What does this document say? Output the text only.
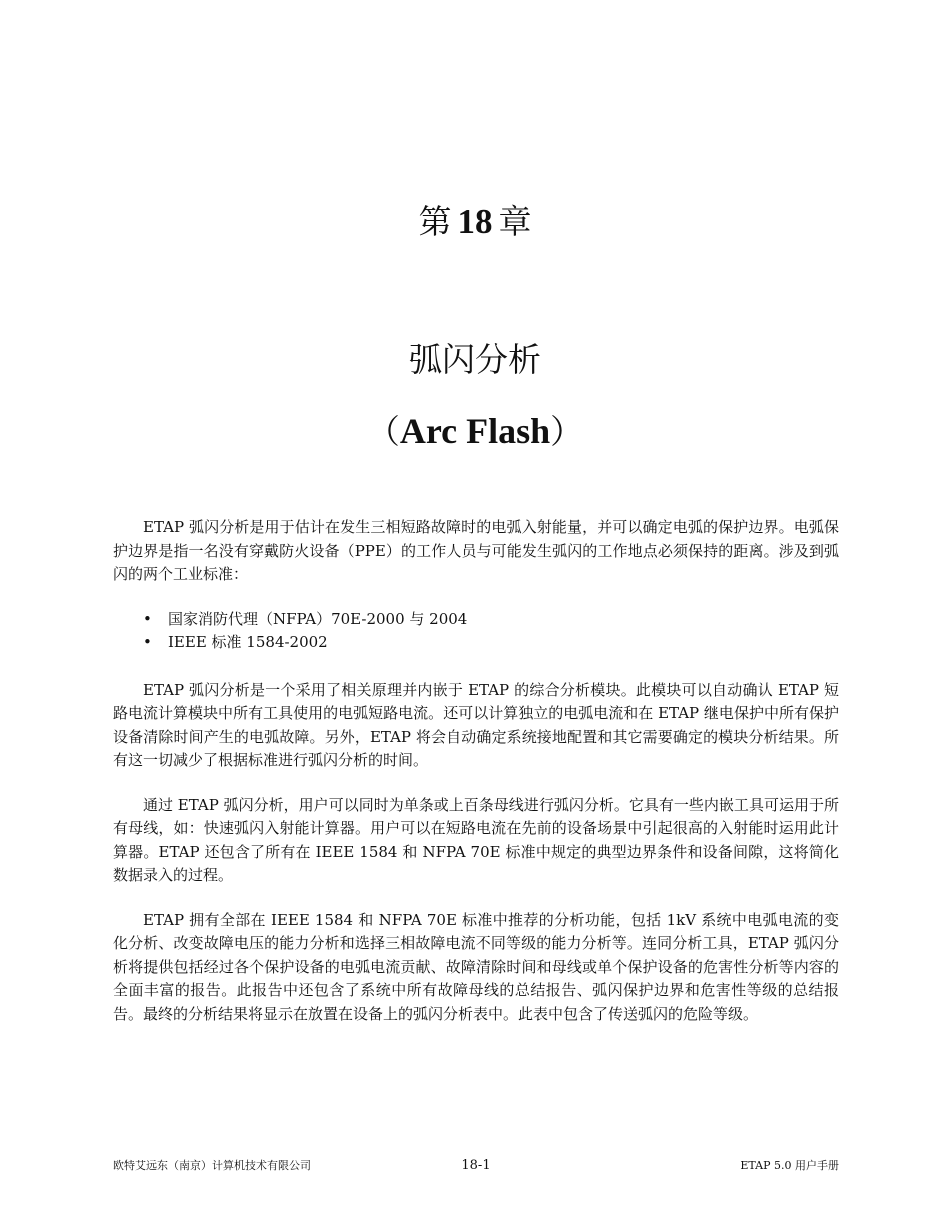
第 18 章
弧闪分析
（Arc Flash）

ETAP 弧闪分析是用于估计在发生三相短路故障时的电弧入射能量，并可以确定电弧的保护边界。电弧保护边界是指一名没有穿戴防火设备（PPE）的工作人员与可能发生弧闪的工作地点必须保持的距离。涉及到弧闪的两个工业标准：

• 国家消防代理（NFPA）70E-2000 与 2004
• IEEE 标准 1584-2002

ETAP 弧闪分析是一个采用了相关原理并内嵌于 ETAP 的综合分析模块。此模块可以自动确认 ETAP 短路电流计算模块中所有工具使用的电弧短路电流。还可以计算独立的电弧电流和在 ETAP 继电保护中所有保护设备清除时间产生的电弧故障。另外，ETAP 将会自动确定系统接地配置和其它需要确定的模块分析结果。所有这一切减少了根据标准进行弧闪分析的时间。

通过 ETAP 弧闪分析，用户可以同时为单条或上百条母线进行弧闪分析。它具有一些内嵌工具可运用于所有母线，如：快速弧闪入射能计算器。用户可以在短路电流在先前的设备场景中引起很高的入射能时运用此计算器。ETAP 还包含了所有在 IEEE 1584 和 NFPA 70E 标准中规定的典型边界条件和设备间隙，这将简化数据录入的过程。

ETAP 拥有全部在 IEEE 1584 和 NFPA 70E 标准中推荐的分析功能，包括 1kV 系统中电弧电流的变化分析、改变故障电压的能力分析和选择三相故障电流不同等级的能力分析等。连同分析工具，ETAP 弧闪分析将提供包括经过各个保护设备的电弧电流贡献、故障清除时间和母线或单个保护设备的危害性分析等内容的全面丰富的报告。此报告中还包含了系统中所有故障母线的总结报告、弧闪保护边界和危害性等级的总结报告。最终的分析结果将显示在放置在设备上的弧闪分析表中。此表中包含了传送弧闪的危险等级。

欧特艾远东（南京）计算机技术有限公司	18-1	ETAP 5.0 用户手册
